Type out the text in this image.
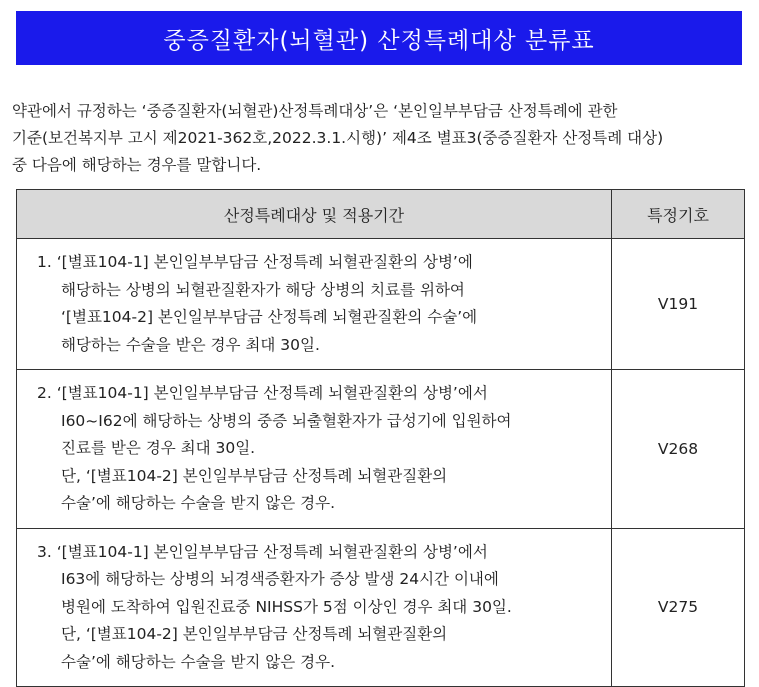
중증질환자(뇌혈관) 산정특례대상 분류표
약관에서 규정하는 ‘중증질환자(뇌혈관)산정특례대상’은 ‘본인일부부담금 산정특례에 관한
기준(보건복지부 고시 제2021-362호,2022.3.1.시행)’ 제4조 별표3(중증질환자 산정특례 대상)
중 다음에 해당하는 경우를 말합니다.
산정특례대상 및 적용기간	특정기호

1. ‘[별표104-1] 본인일부부담금 산정특례 뇌혈관질환의 상병’에
해당하는 상병의 뇌혈관질환자가 해당 상병의 치료를 위하여
‘[별표104-2] 본인일부부담금 산정특례 뇌혈관질환의 수술’에
해당하는 수술을 받은 경우 최대 30일.	V191

2. ‘[별표104-1] 본인일부부담금 산정특례 뇌혈관질환의 상병’에서
I60~I62에 해당하는 상병의 중증 뇌출혈환자가 급성기에 입원하여
진료를 받은 경우 최대 30일.
단, ‘[별표104-2] 본인일부부담금 산정특례 뇌혈관질환의
수술’에 해당하는 수술을 받지 않은 경우.	V268

3. ‘[별표104-1] 본인일부부담금 산정특례 뇌혈관질환의 상병’에서
I63에 해당하는 상병의 뇌경색증환자가 증상 발생 24시간 이내에
병원에 도착하여 입원진료중 NIHSS가 5점 이상인 경우 최대 30일.
단, ‘[별표104-2] 본인일부부담금 산정특례 뇌혈관질환의
수술’에 해당하는 수술을 받지 않은 경우.	V275
